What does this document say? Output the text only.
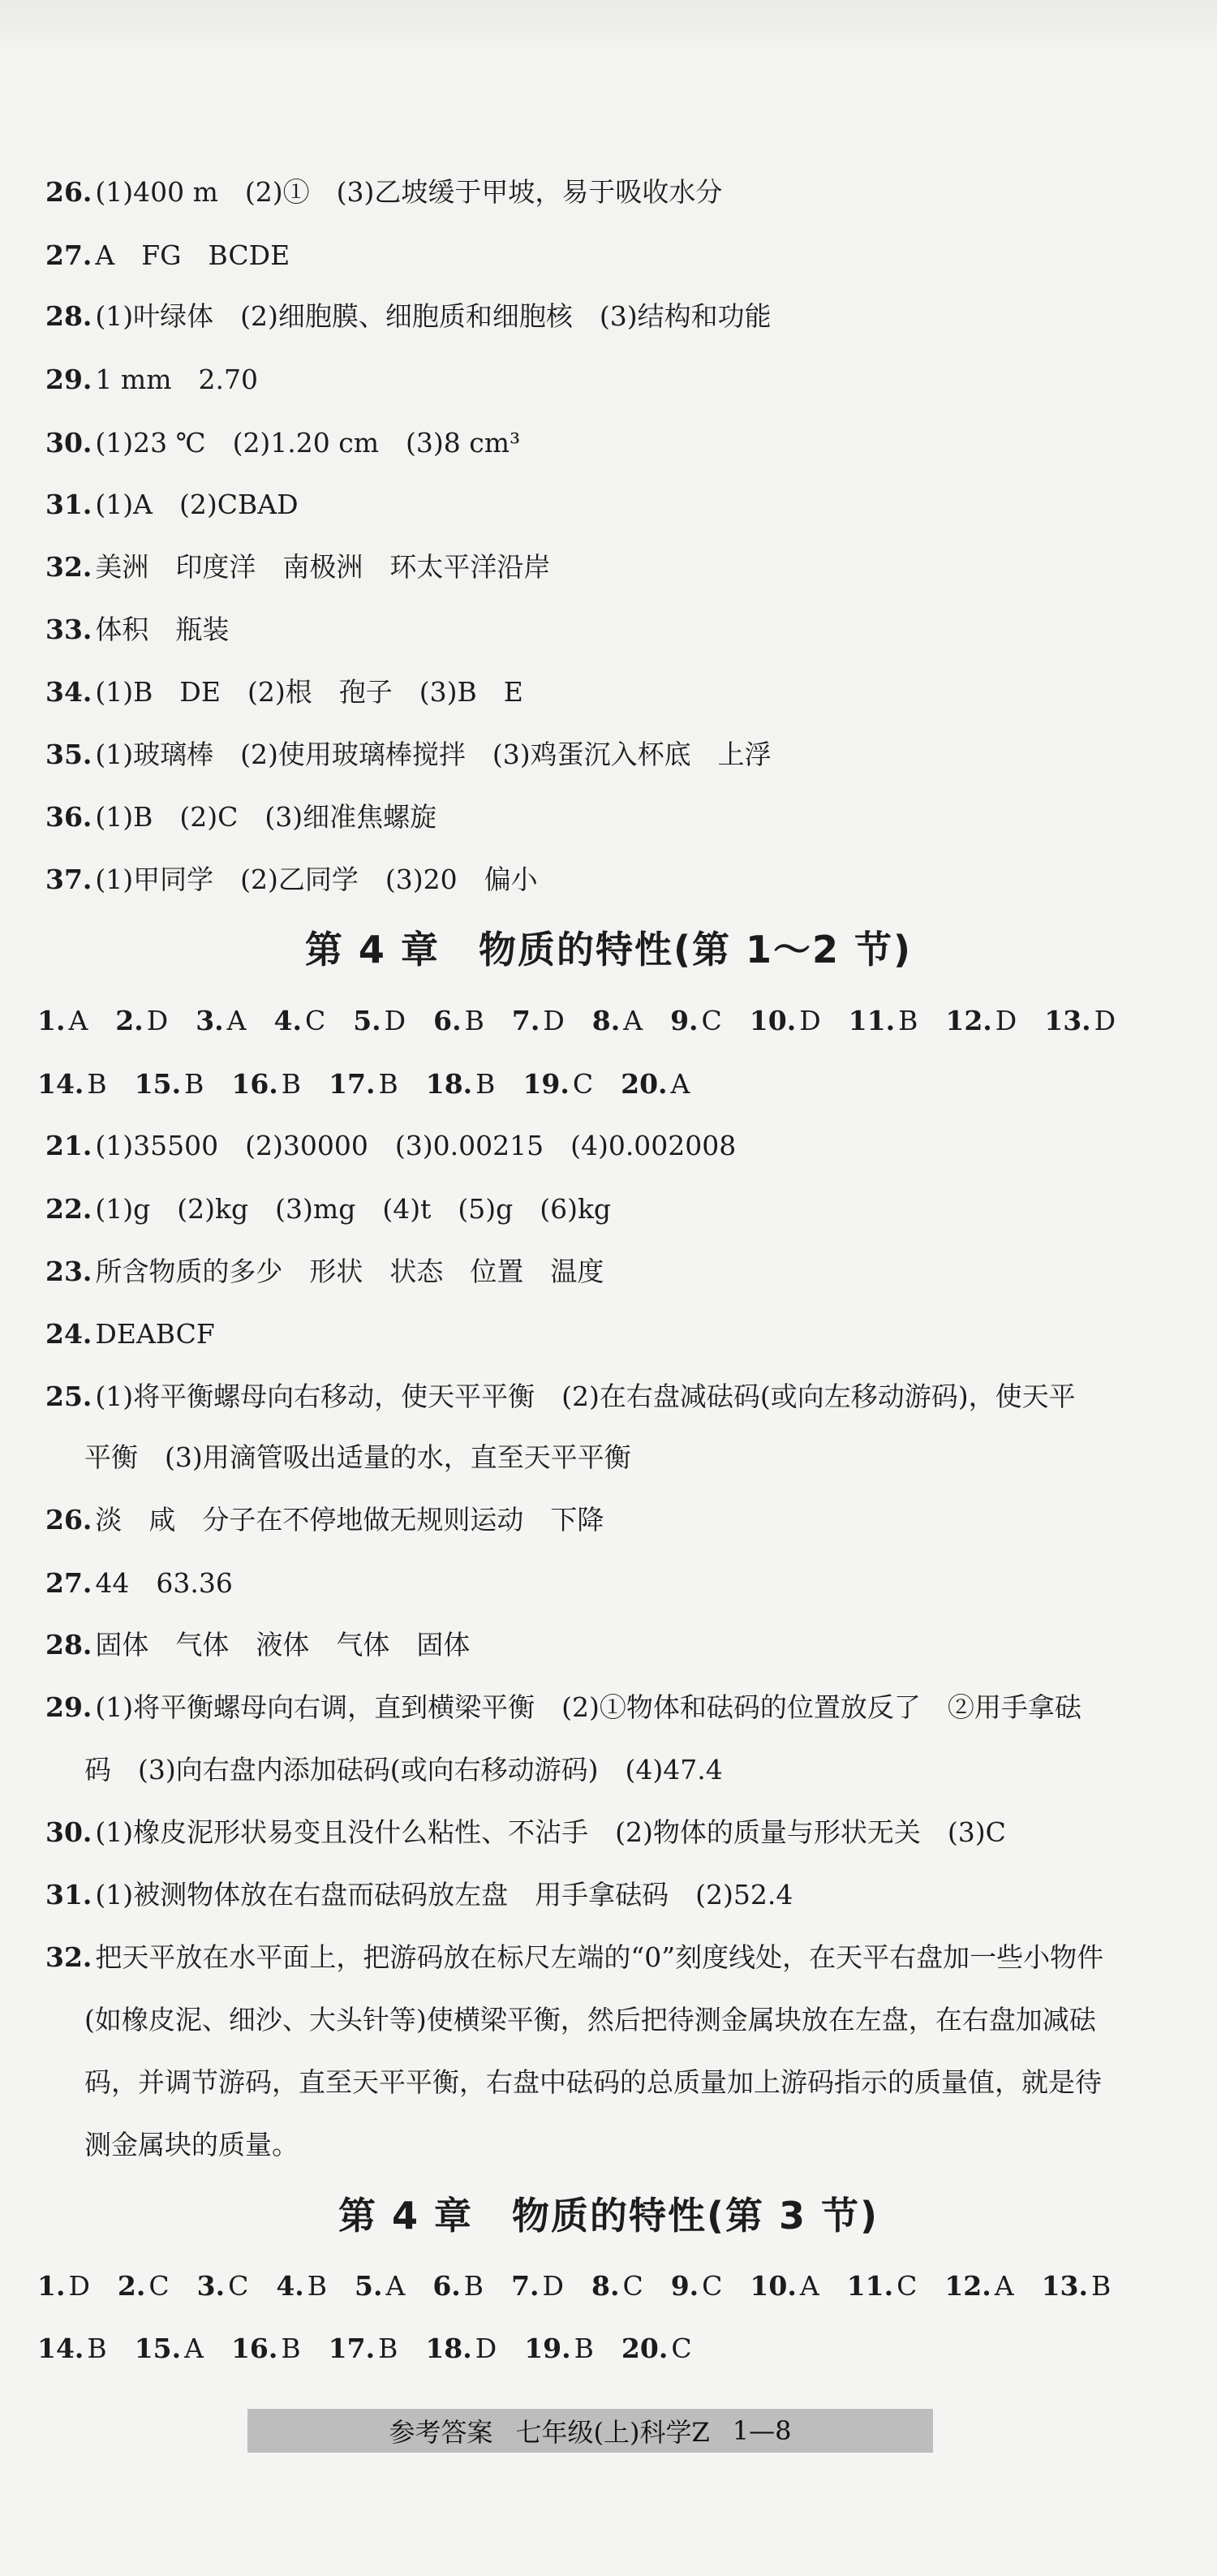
26. (1)400 m　(2)①　(3)乙坡缓于甲坡，易于吸收水分
27. A　FG　BCDE
28. (1)叶绿体　(2)细胞膜、细胞质和细胞核　(3)结构和功能
29. 1 mm　2.70
30. (1)23 ℃　(2)1.20 cm　(3)8 cm³
31. (1)A　(2)CBAD
32. 美洲　印度洋　南极洲　环太平洋沿岸
33. 体积　瓶装
34. (1)B　DE　(2)根　孢子　(3)B　E
35. (1)玻璃棒　(2)使用玻璃棒搅拌　(3)鸡蛋沉入杯底　上浮
36. (1)B　(2)C　(3)细准焦螺旋
37. (1)甲同学　(2)乙同学　(3)20　偏小
第 4 章　物质的特性(第 1～2 节)
1. A 2. D 3. A 4. C 5. D 6. B 7. D 8. A 9. C 10. D 11. B 12. D 13. D
14. B 15. B 16. B 17. B 18. B 19. C 20. A
21. (1)35500　(2)30000　(3)0.00215　(4)0.002008
22. (1)g　(2)kg　(3)mg　(4)t　(5)g　(6)kg
23. 所含物质的多少　形状　状态　位置　温度
24. DEABCF
25. (1)将平衡螺母向右移动，使天平平衡　(2)在右盘减砝码(或向左移动游码)，使天平
平衡　(3)用滴管吸出适量的水，直至天平平衡
26. 淡　咸　分子在不停地做无规则运动　下降
27. 44　63.36
28. 固体　气体　液体　气体　固体
29. (1)将平衡螺母向右调，直到横梁平衡　(2)①物体和砝码的位置放反了　②用手拿砝
码　(3)向右盘内添加砝码(或向右移动游码)　(4)47.4
30. (1)橡皮泥形状易变且没什么粘性、不沾手　(2)物体的质量与形状无关　(3)C
31. (1)被测物体放在右盘而砝码放左盘　用手拿砝码　(2)52.4
32. 把天平放在水平面上，把游码放在标尺左端的“0”刻度线处，在天平右盘加一些小物件
(如橡皮泥、细沙、大头针等)使横梁平衡，然后把待测金属块放在左盘，在右盘加减砝
码，并调节游码，直至天平平衡，右盘中砝码的总质量加上游码指示的质量值，就是待
测金属块的质量。
第 4 章　物质的特性(第 3 节)
1. D 2. C 3. C 4. B 5. A 6. B 7. D 8. C 9. C 10. A 11. C 12. A 13. B
14. B 15. A 16. B 17. B 18. D 19. B 20. C
参考答案 七年级(上)科学Z 1—8
